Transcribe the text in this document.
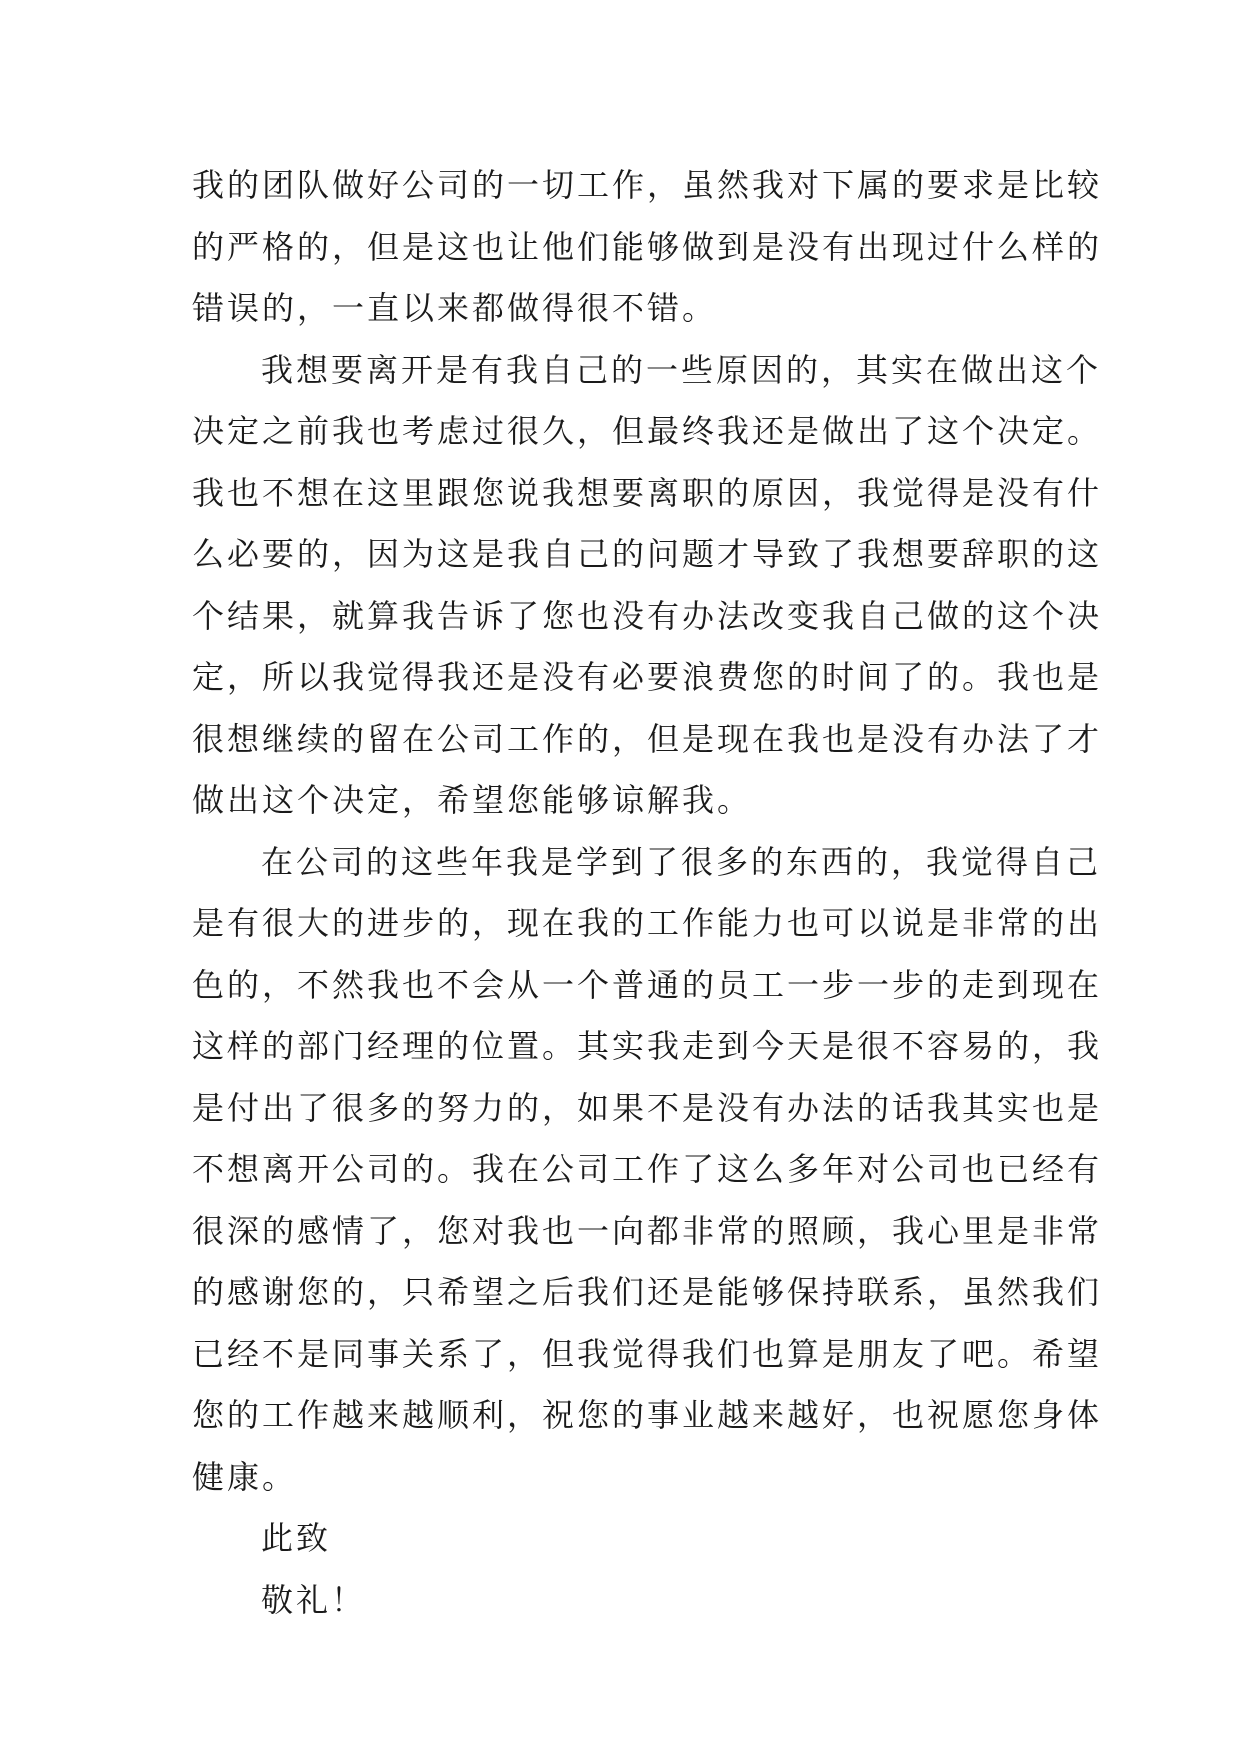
我的团队做好公司的一切工作，虽然我对下属的要求是比较
的严格的，但是这也让他们能够做到是没有出现过什么样的
错误的，一直以来都做得很不错。
我想要离开是有我自己的一些原因的，其实在做出这个
决定之前我也考虑过很久，但最终我还是做出了这个决定。
我也不想在这里跟您说我想要离职的原因，我觉得是没有什
么必要的，因为这是我自己的问题才导致了我想要辞职的这
个结果，就算我告诉了您也没有办法改变我自己做的这个决
定，所以我觉得我还是没有必要浪费您的时间了的。我也是
很想继续的留在公司工作的，但是现在我也是没有办法了才
做出这个决定，希望您能够谅解我。
在公司的这些年我是学到了很多的东西的，我觉得自己
是有很大的进步的，现在我的工作能力也可以说是非常的出
色的，不然我也不会从一个普通的员工一步一步的走到现在
这样的部门经理的位置。其实我走到今天是很不容易的，我
是付出了很多的努力的，如果不是没有办法的话我其实也是
不想离开公司的。我在公司工作了这么多年对公司也已经有
很深的感情了，您对我也一向都非常的照顾，我心里是非常
的感谢您的，只希望之后我们还是能够保持联系，虽然我们
已经不是同事关系了，但我觉得我们也算是朋友了吧。希望
您的工作越来越顺利，祝您的事业越来越好，也祝愿您身体
健康。
此致
敬礼！
